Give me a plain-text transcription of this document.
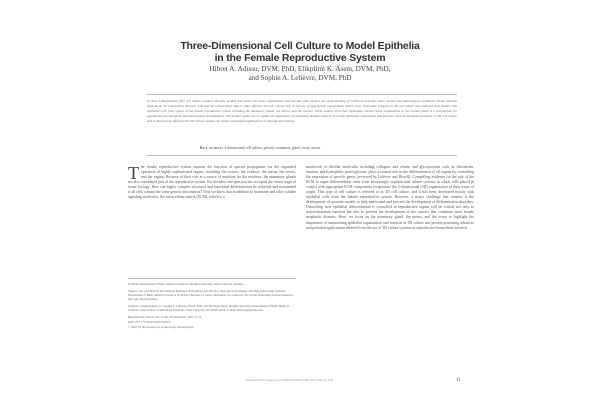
Three-Dimensional Cell Culture to Model Epithelia
in the Female Reproductive System
Hibret A. Adissu, DVM, PhD, Elikplimi K. Asem, DVM, PhD,
and Sophie A. Lelièvre, DVM, PhD
In vitro 3-dimensional (3D) cell culture produce valuable models that mimic 3D tissue organization and function and enhance the understanding of cell/tissue function under normal and pathological conditions. Tissue function depends on the interactions between cells and the extracellular matrix; thus, effective 3D cell cultures rely on the use of appropriate extracellular matrix cues. Noticeable progress in 3D cell culture was obtained from studies with epithelial cells from organs of the female reproductive system including the mammary glands, the uterus, and the ovaries. These models show that replicating normal tissue organization in the normal phase is a prerequisite for appropriate physiological and pathological investigations. The authors' goals are to explain the importance of mimicking detailed aspects of normal epithelial organization and function, such as basoapical polarity, in 3D cell culture and to discuss how effective 3D cell culture models can lead to meaningful applications in reproductive biology.
Key words: 3-dimensional cell culture, polarity, mammary gland, ovary, uterus.
The female reproductive system sustains the function of species propagation via the organized operation of highly sophisticated organs, including the ovaries, the oviducts, the uterus, the cervix, and the vagina. Because of their role as a source of nutrition for the newborn, the mammary glands are also considered part of the reproductive system. For decades, one question has occupied the center stage of tissue biology: How can highly complex structural and functional differentiation be achieved and maintained if all cells contain the same genetic information? Now we know that in addition to hormones and other soluble signaling molecules, the extracellular matrix (ECM), which is a

From the Department of Basic Medical Sciences, Purdue University, West Lafayette, Indiana.

Support was provided by the National Institutes of Health (CA112613) to SAL and an Academic Teaching Fellowship from the Department of Basic Medical Sciences (to HAA). Because of space constraints, we could not cite all the interesting articles related to the topic discussed here.

Address correspondence to: Sophie A. Lelièvre, DVM, PhD, 625 Harrison Street Purdue University Department of Basic Medical Sciences Lynn School of Veterinary Medicine, West Lafayette, IN 47907-2026. E-mail: lelievre@purdue.edu.

Reproductive Science Vol. 14 No. 8S December 2007 11-19

DOI: 10.1177/1933719107310872

© 2007 by the Society for Gynecologic Investigation

meshwork of fibrillar molecules including collagens and elastin and glycoproteins such as fibronectin, laminin, and hydrophilic proteoglycans, plays a central role in the differentiation of all organs by controlling the expression of specific genes (reviewed by Lelièvre and Bissell). Compelling evidence for the role of the ECM in organ differentiation came from increasingly sophisticated culture systems in which cells placed in contact with appropriate ECM components recapitulate the 3-dimensional (3D) organization of their tissue of origin. This type of cell culture is referred to as 3D cell culture, and it has been developed mainly with epithelial cells from the female reproductive system. However, a major challenge that remains is the development of accurate models to help understand and prevent the development of differentiation disorders. Unraveling how epithelial differentiation is controlled in reproductive organs will be critical not only to restore/maintain function but also to prevent the development of the cancers that constitute most female neoplastic diseases. Here, we focus on the mammary gland, the uterus, and the ovary to highlight the importance of maintaining epithelial organization and function in 3D culture and present promising advances and potential applications derived from the use of 3D culture systems in reproductive biomedical research.
Downloaded from rsx.sagepub.com at PENNSYLVANIA STATE UNIV on May 10, 2016	11
